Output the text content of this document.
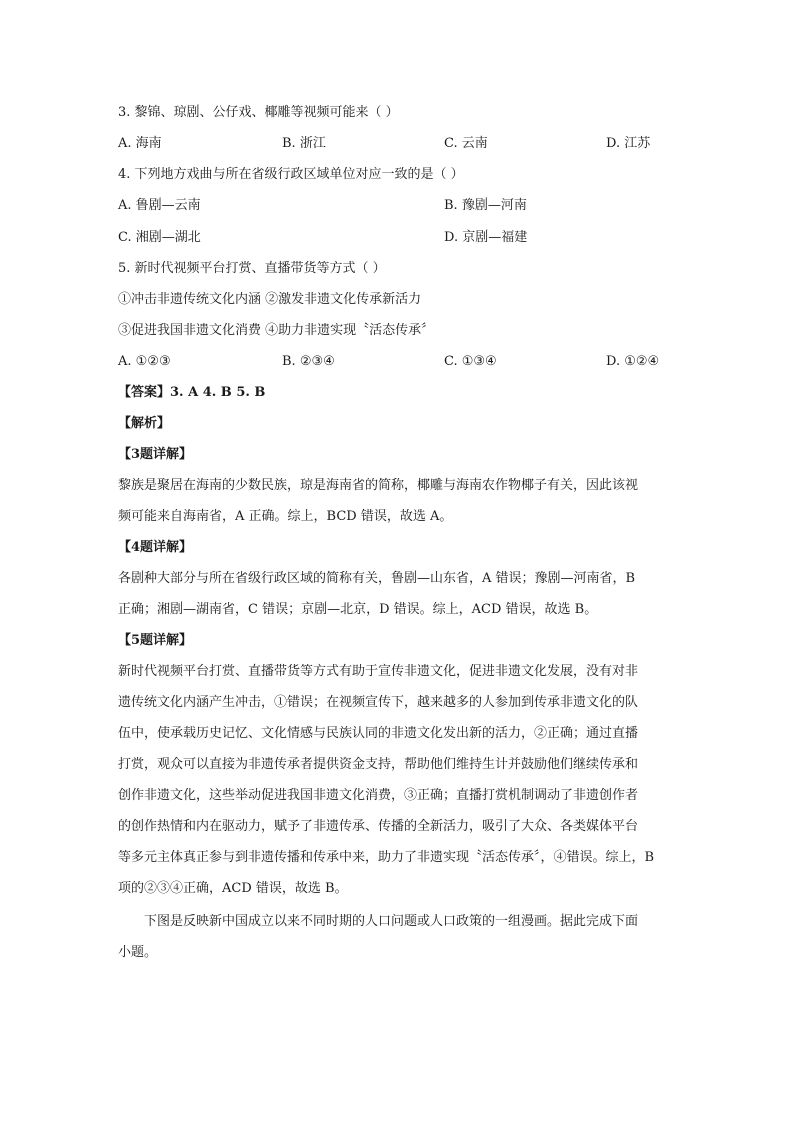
3. 黎锦、琼剧、公仔戏、椰雕等视频可能来（ ）
A. 海南	B. 浙江	C. 云南	D. 江苏
4. 下列地方戏曲与所在省级行政区域单位对应一致的是（ ）
A. 鲁剧—云南	B. 豫剧—河南
C. 湘剧—湖北	D. 京剧—福建
5. 新时代视频平台打赏、直播带货等方式（ ）
①冲击非遗传统文化内涵 ②激发非遗文化传承新活力
③促进我国非遗文化消费 ④助力非遗实现〝活态传承〞
A. ①②③	B. ②③④	C. ①③④	D. ①②④
【答案】3. A 4. B 5. B
【解析】
【3题详解】
黎族是聚居在海南的少数民族，琼是海南省的简称，椰雕与海南农作物椰子有关，因此该视
频可能来自海南省，A 正确。综上，BCD 错误，故选 A。
【4题详解】
各剧种大部分与所在省级行政区域的简称有关，鲁剧—山东省，A 错误；豫剧—河南省，B
正确；湘剧—湖南省，C 错误；京剧—北京，D 错误。综上，ACD 错误，故选 B。
【5题详解】
新时代视频平台打赏、直播带货等方式有助于宣传非遗文化，促进非遗文化发展，没有对非
遗传统文化内涵产生冲击，①错误；在视频宣传下，越来越多的人参加到传承非遗文化的队
伍中，使承载历史记忆、文化情感与民族认同的非遗文化发出新的活力，②正确；通过直播
打赏，观众可以直接为非遗传承者提供资金支持，帮助他们维持生计并鼓励他们继续传承和
创作非遗文化，这些举动促进我国非遗文化消费，③正确；直播打赏机制调动了非遗创作者
的创作热情和内在驱动力，赋予了非遗传承、传播的全新活力，吸引了大众、各类媒体平台
等多元主体真正参与到非遗传播和传承中来，助力了非遗实现〝活态传承〞，④错误。综上，B
项的②③④正确，ACD 错误，故选 B。
下图是反映新中国成立以来不同时期的人口问题或人口政策的一组漫画。据此完成下面
小题。
